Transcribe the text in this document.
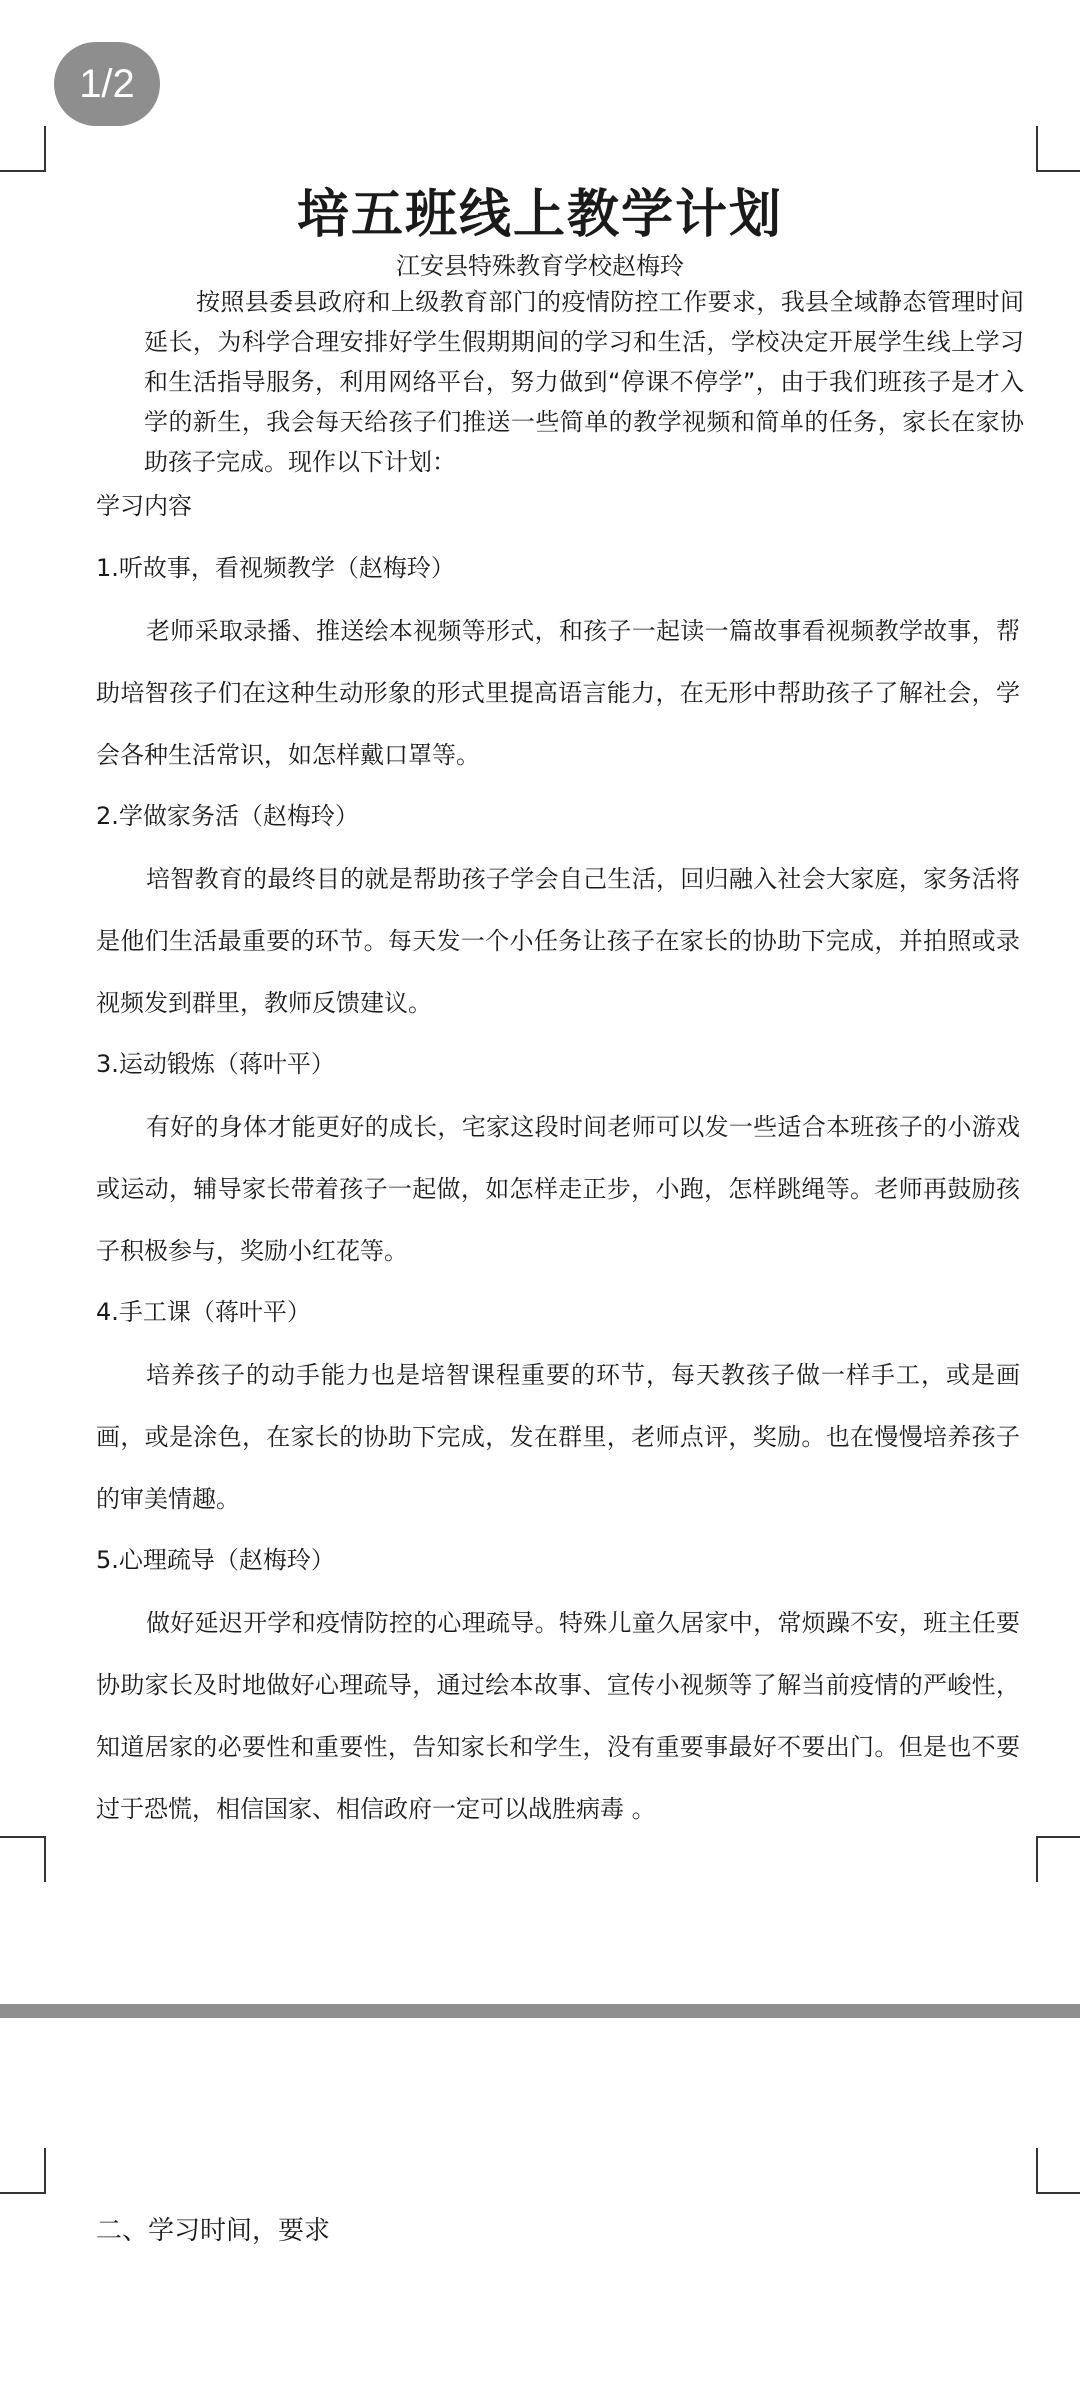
1/2
培五班线上教学计划
江安县特殊教育学校赵梅玲

按照县委县政府和上级教育部门的疫情防控工作要求，我县全域静态管理时间延长，为科学合理安排好学生假期期间的学习和生活，学校决定开展学生线上学习和生活指导服务，利用网络平台，努力做到“停课不停学”，由于我们班孩子是才入学的新生，我会每天给孩子们推送一些简单的教学视频和简单的任务，家长在家协助孩子完成。现作以下计划：

学习内容

1.听故事，看视频教学（赵梅玲）

老师采取录播、推送绘本视频等形式，和孩子一起读一篇故事看视频教学故事，帮助培智孩子们在这种生动形象的形式里提高语言能力，在无形中帮助孩子了解社会，学会各种生活常识，如怎样戴口罩等。

2.学做家务活（赵梅玲）

培智教育的最终目的就是帮助孩子学会自己生活，回归融入社会大家庭，家务活将是他们生活最重要的环节。每天发一个小任务让孩子在家长的协助下完成，并拍照或录视频发到群里，教师反馈建议。

3.运动锻炼（蒋叶平）

有好的身体才能更好的成长，宅家这段时间老师可以发一些适合本班孩子的小游戏或运动，辅导家长带着孩子一起做，如怎样走正步，小跑，怎样跳绳等。老师再鼓励孩子积极参与，奖励小红花等。

4.手工课（蒋叶平）

培养孩子的动手能力也是培智课程重要的环节，每天教孩子做一样手工，或是画画，或是涂色，在家长的协助下完成，发在群里，老师点评，奖励。也在慢慢培养孩子的审美情趣。

5.心理疏导（赵梅玲）

做好延迟开学和疫情防控的心理疏导。特殊儿童久居家中，常烦躁不安，班主任要协助家长及时地做好心理疏导，通过绘本故事、宣传小视频等了解当前疫情的严峻性，知道居家的必要性和重要性，告知家长和学生，没有重要事最好不要出门。但是也不要过于恐慌，相信国家、相信政府一定可以战胜病毒 。

二、学习时间，要求
